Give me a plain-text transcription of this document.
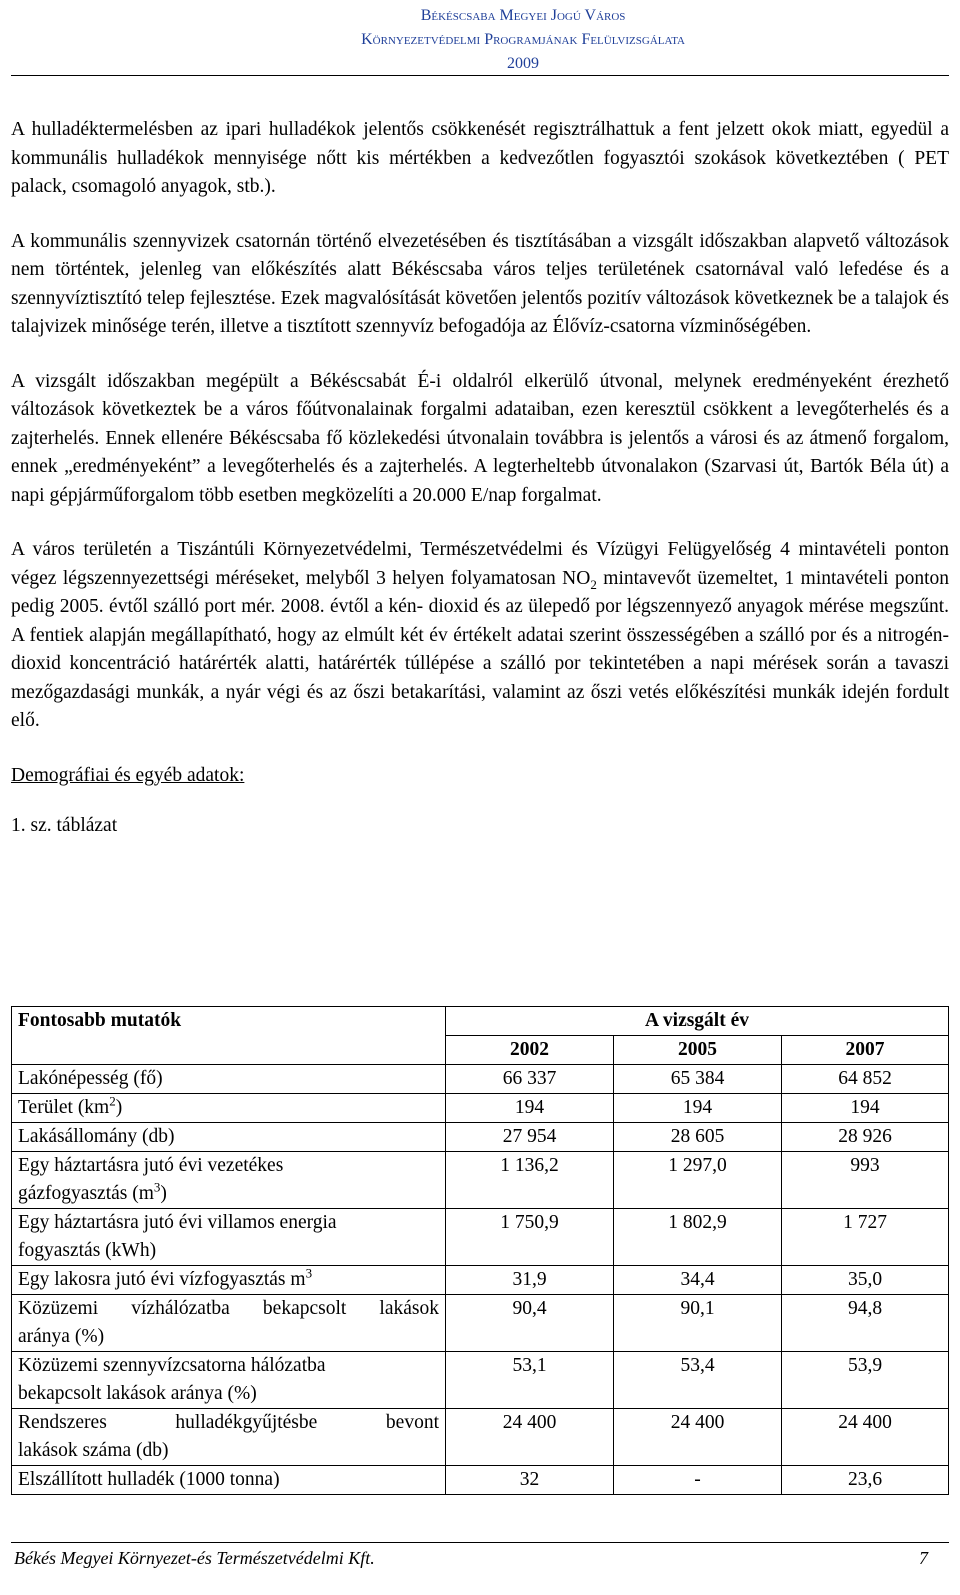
Békéscsaba Megyei Jogú Város
Környezetvédelmi Programjának Felülvizsgálata
2009

A hulladéktermelésben az ipari hulladékok jelentős csökkenését regisztrálhattuk a fent jelzett okok miatt, egyedül a kommunális hulladékok mennyisége nőtt kis mértékben a kedvezőtlen fogyasztói szokások következtében ( PET palack, csomagoló anyagok, stb.).

A kommunális szennyvizek csatornán történő elvezetésében és tisztításában a vizsgált időszakban alapvető változások nem történtek, jelenleg van előkészítés alatt Békéscsaba város teljes területének csatornával való lefedése és a szennyvíztisztító telep fejlesztése. Ezek magvalósítását követően jelentős pozitív változások következnek be a talajok és talajvizek minősége terén, illetve a tisztított szennyvíz befogadója az Élővíz-csatorna vízminőségében.

A vizsgált időszakban megépült a Békéscsabát É-i oldalról elkerülő útvonal, melynek eredményeként érezhető változások következtek be a város főútvonalainak forgalmi adataiban, ezen keresztül csökkent a levegőterhelés és a zajterhelés. Ennek ellenére Békéscsaba fő közlekedési útvonalain továbbra is jelentős a városi és az átmenő forgalom, ennek „eredményeként” a levegőterhelés és a zajterhelés. A legterheltebb útvonalakon (Szarvasi út, Bartók Béla út) a napi gépjárműforgalom több esetben megközelíti a 20.000 E/nap forgalmat.

A város területén a Tiszántúli Környezetvédelmi, Természetvédelmi és Vízügyi Felügyelőség 4 mintavételi ponton végez légszennyezettségi méréseket, melyből 3 helyen folyamatosan $NO_2$ mintavevőt üzemeltet, 1 mintavételi ponton pedig 2005. évtől szálló port mér. 2008. évtől a kén- dioxid és az ülepedő por légszennyező anyagok mérése megszűnt. A fentiek alapján megállapítható, hogy az elmúlt két év értékelt adatai szerint összességében a szálló por és a nitrogén- dioxid koncentráció határérték alatti, határérték túllépése a szálló por tekintetében a napi mérések során a tavaszi mezőgazdasági munkák, a nyár végi és az őszi betakarítási, valamint az őszi vetés előkészítési munkák idején fordult elő.

Demográfiai és egyéb adatok:

1. sz. táblázat

Fontosabb mutatók	A vizsgált év		
	2002	2005	2007
Lakónépesség (fő)	66 337	65 384	64 852
Terület $(km^2)$	194	194	194
Lakásállomány (db)	27 954	28 605	28 926
Egy háztartásra jutó évi vezetékes
gázfogyasztás $(m^3)$	1 136,2	1 297,0	993
Egy háztartásra jutó évi villamos energia
fogyasztás (kWh)	1 750,9	1 802,9	1 727
Egy lakosra jutó évi vízfogyasztás $m^3$	31,9	34,4	35,0

Közüzemi vízhálózatba bekapcsolt lakások
aránya (%)	90,4	90,1	94,8

Közüzemi szennyvízcsatorna hálózatba
bekapcsolt lakások aránya (%)	53,1	53,4	53,9

Rendszeres hulladékgyűjtésbe bevont
lakások száma (db)	24 400	24 400	24 400
Elszállított hulladék (1000 tonna)	32	-	23,6
Békés Megyei Környezet-és Természetvédelmi Kft.	7
